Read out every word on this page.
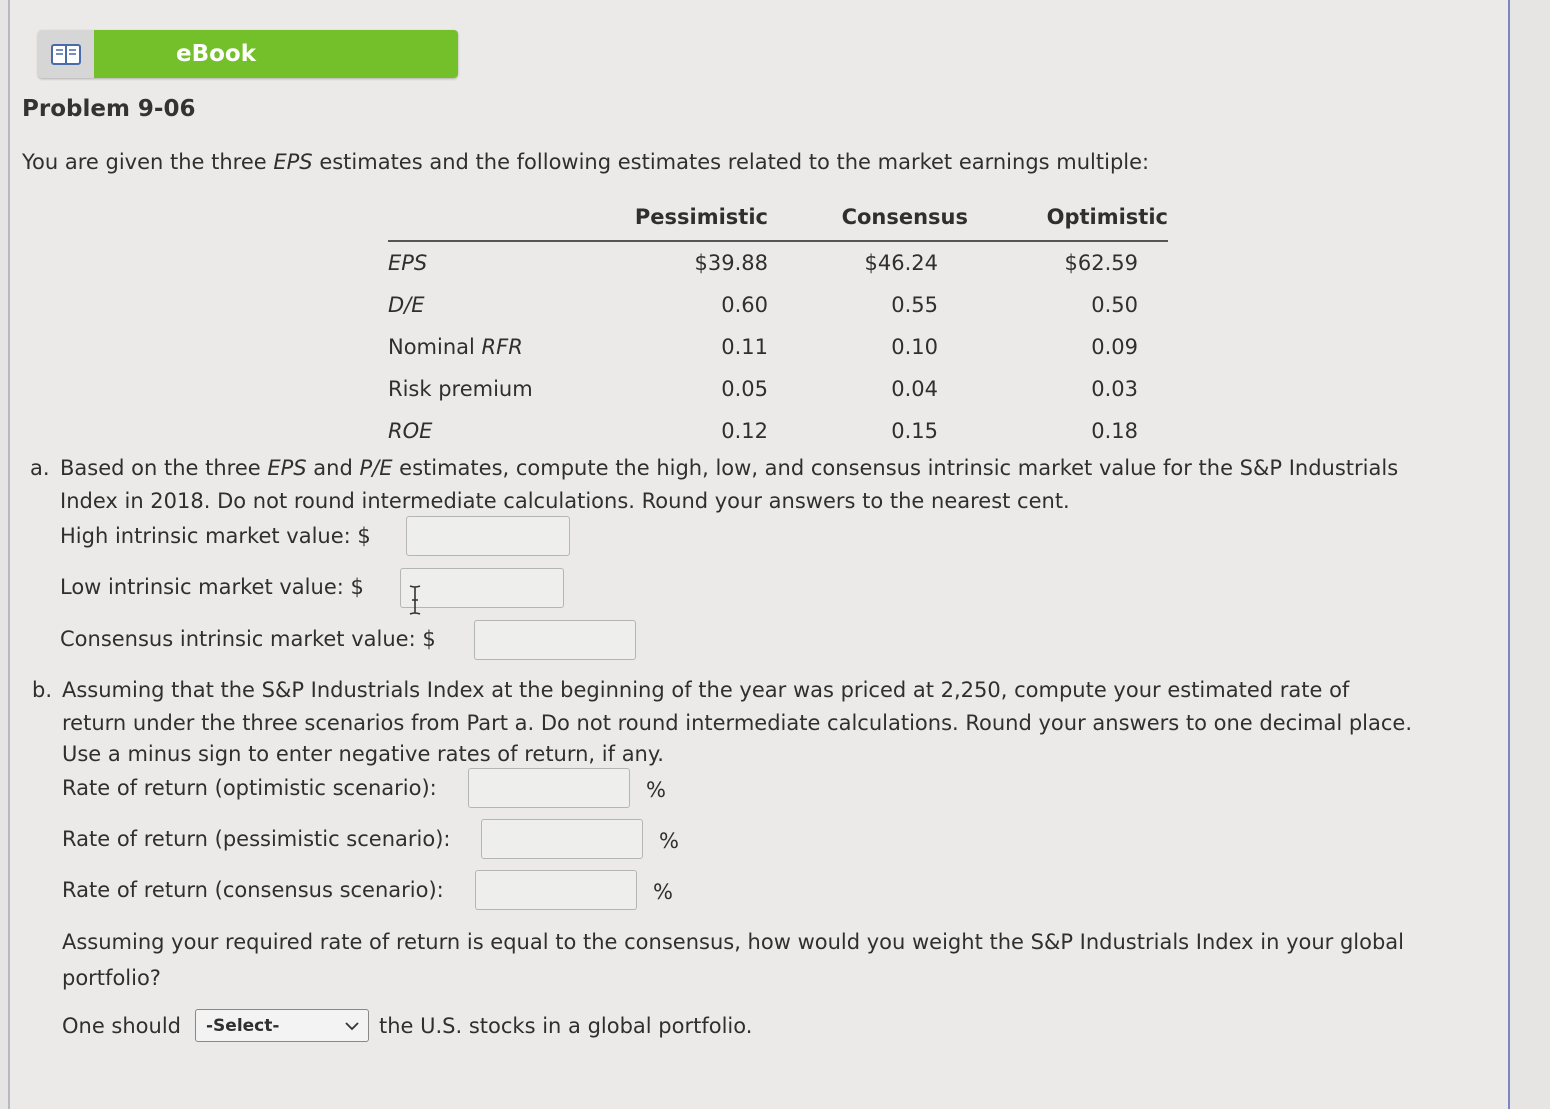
eBook
Problem 9-06
You are given the three EPS estimates and the following estimates related to the market earnings multiple:
	Pessimistic	Consensus	Optimistic
EPS	$39.88	$46.24	$62.59
D/E	0.60	0.55	0.50
Nominal RFR	0.11	0.10	0.09
Risk premium	0.05	0.04	0.03
ROE	0.12	0.15	0.18
a. Based on the three EPS and P/E estimates, compute the high, low, and consensus intrinsic market value for the S&P Industrials
Index in 2018. Do not round intermediate calculations. Round your answers to the nearest cent.
High intrinsic market value: $
Low intrinsic market value: $
Consensus intrinsic market value: $
b. Assuming that the S&P Industrials Index at the beginning of the year was priced at 2,250, compute your estimated rate of
return under the three scenarios from Part a. Do not round intermediate calculations. Round your answers to one decimal place.
Use a minus sign to enter negative rates of return, if any.
Rate of return (optimistic scenario):	%
Rate of return (pessimistic scenario):	%
Rate of return (consensus scenario):	%
Assuming your required rate of return is equal to the consensus, how would you weight the S&P Industrials Index in your global
portfolio?
One should -Select-	the U.S. stocks in a global portfolio.
